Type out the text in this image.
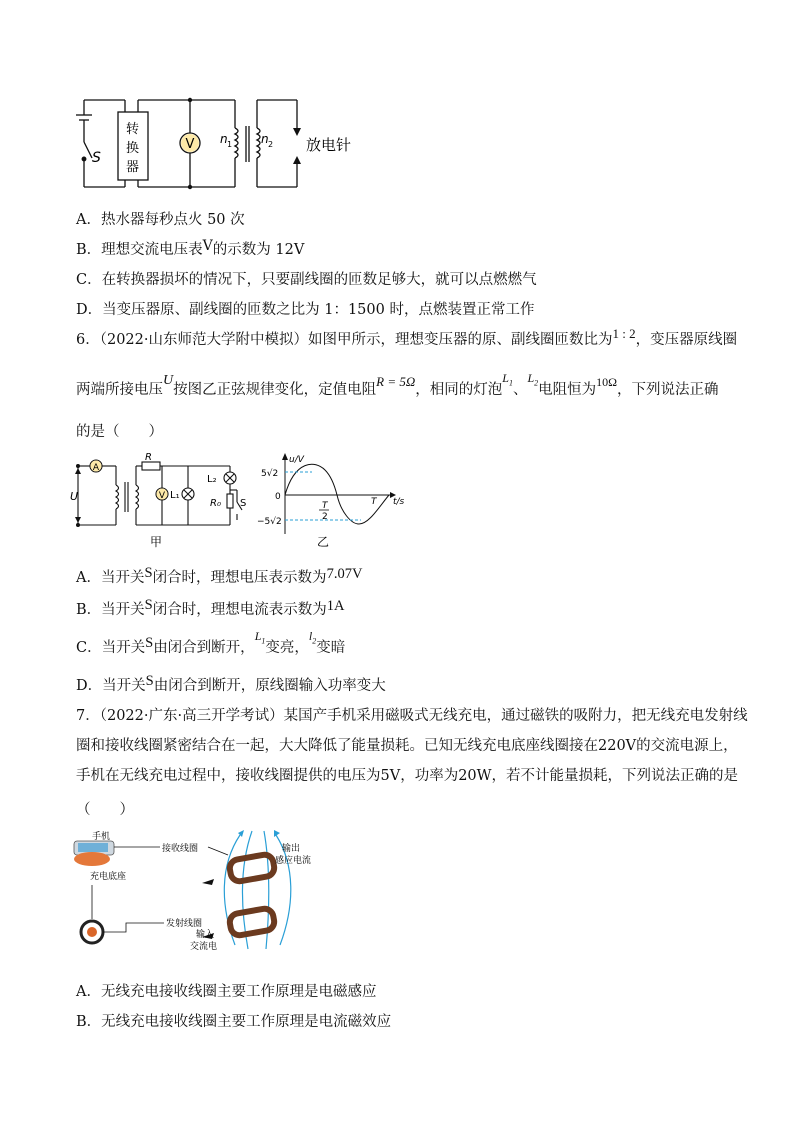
V
S
转
换
器
n 1 n 2 放电针
A．热水器每秒点火 50 次
B．理想交流电压表V的示数为 12V
C．在转换器损坏的情况下，只要副线圈的匝数足够大，就可以点燃燃气
D．当变压器原、副线圈的匝数之比为 1：1500 时，点燃装置正常工作
6．（2022·山东师范大学附中模拟）如图甲所示，理想变压器的原、副线圈匝数比为1 : 2，变压器原线圈
两端所接电压U按图乙正弦规律变化，定值电阻R = 5Ω，相同的灯泡$^{L_1}$、$^{L_2}$电阻恒为$^{10\Omega}$，下列说法正确
的是（　　）
A
R
U	V L₁
L₂
R₀ S
甲
u/V
5√2
0
−5√2
T
2
T t/s
乙
A．当开关S闭合时，理想电压表示数为7.07V
B．当开关S闭合时，理想电流表示数为1A
C．当开关S由闭合到断开，$^{L_1}$变亮，$^{l_2}$变暗
D．当开关S由闭合到断开，原线圈输入功率变大
7．（2022·广东·高三开学考试）某国产手机采用磁吸式无线充电，通过磁铁的吸附力，把无线充电发射线
圈和接收线圈紧密结合在一起，大大降低了能量损耗。已知无线充电底座线圈接在220V的交流电源上，
手机在无线充电过程中，接收线圈提供的电压为5V，功率为20W，若不计能量损耗，下列说法正确的是
（　　）
手机
充电底座
接收线圈	输出
感应电流
发射线圈
输入
交流电
A．无线充电接收线圈主要工作原理是电磁感应
B．无线充电接收线圈主要工作原理是电流磁效应
